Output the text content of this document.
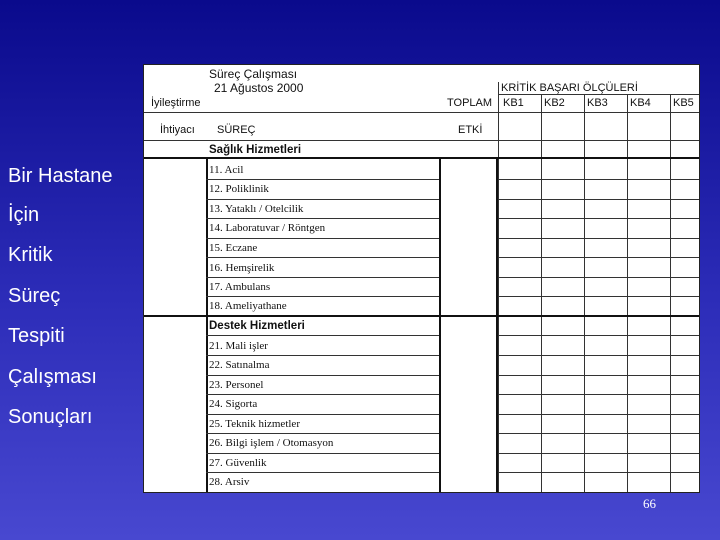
Bir Hastane
İçin
Kritik
Süreç
Tespiti
Çalışması
Sonuçları
Süreç Çalışması
21 Ağustos 2000
İyileştirme
İhtiyacı SÜREÇ
TOPLAM
ETKİ
KRİTİK BAŞARI ÖLÇÜLERİ
KB1 KB2 KB3 KB4 KB5
Sağlık Hizmetleri
11. Acil
12. Poliklinik
13. Yataklı / Otelcilik
14. Laboratuvar / Röntgen
15. Eczane
16. Hemşirelik
17. Ambulans
18. Ameliyathane
Destek Hizmetleri
21. Mali işler
22. Satınalma
23. Personel
24. Sigorta
25. Teknik hizmetler
26. Bilgi işlem / Otomasyon
27. Güvenlik
28. Arsiv
66
